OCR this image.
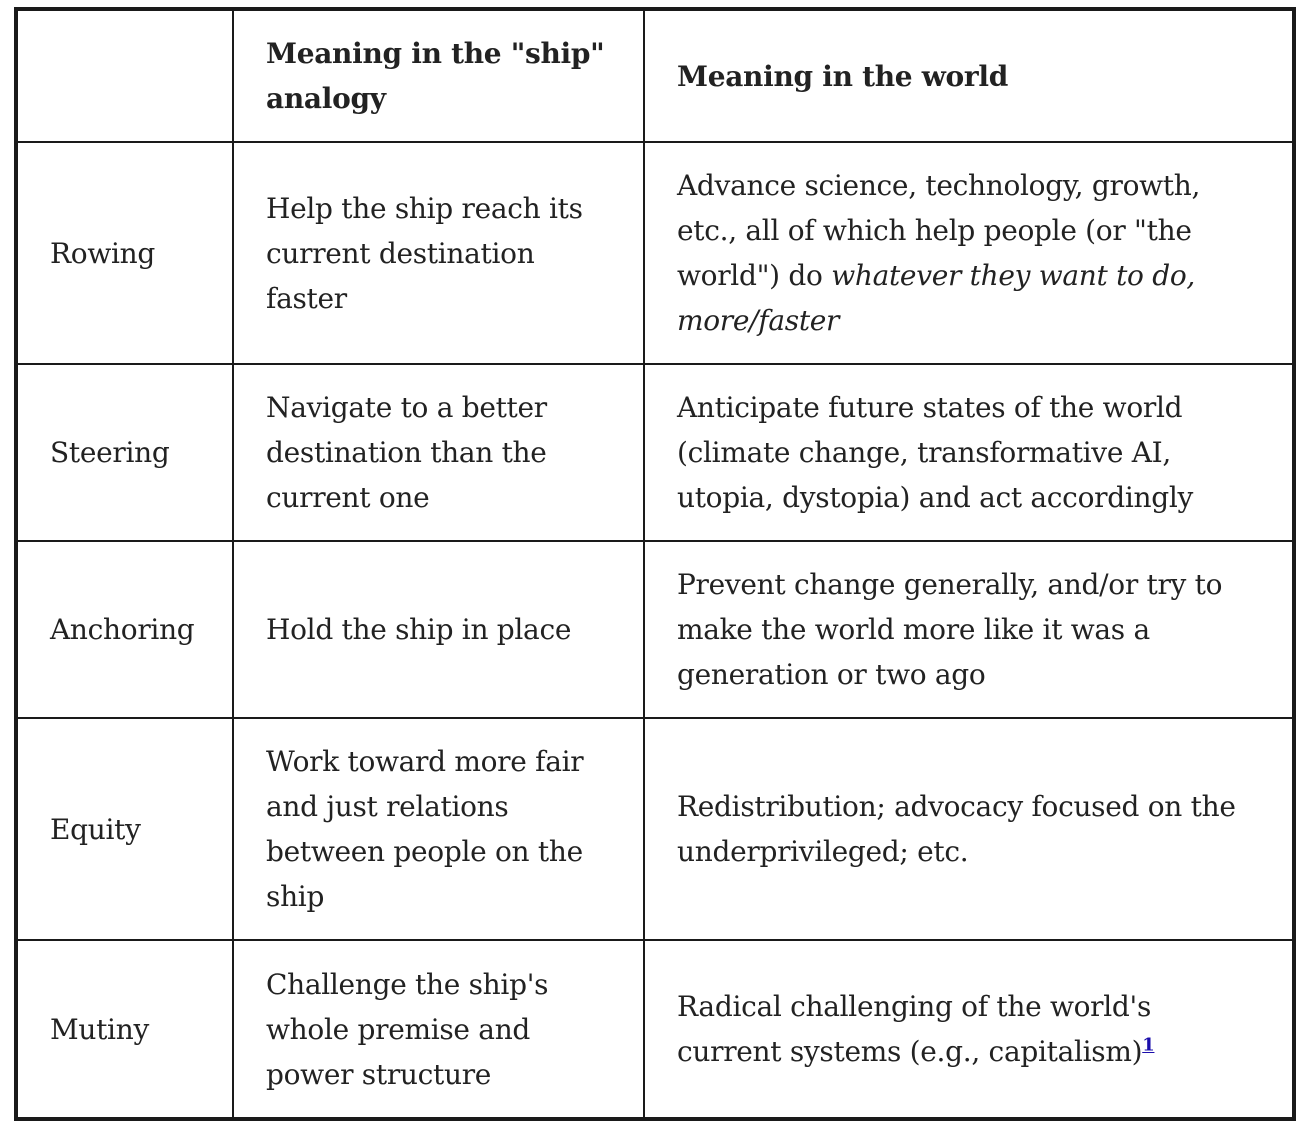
	Meaning in the "ship" analogy	Meaning in the world
Rowing	Help the ship reach its current destination faster	Advance science, technology, growth, etc., all of which help people (or "the world") do whatever they want to do, more/faster
Steering	Navigate to a better destination than the current one	Anticipate future states of the world (climate change, transformative AI, utopia, dystopia) and act accordingly
Anchoring	Hold the ship in place	Prevent change generally, and/or try to make the world more like it was a generation or two ago
Equity	Work toward more fair and just relations between people on the ship	Redistribution; advocacy focused on the underprivileged; etc.
Mutiny	Challenge the ship's whole premise and power structure	Radical challenging of the world's current systems (e.g., capitalism)$^1$
